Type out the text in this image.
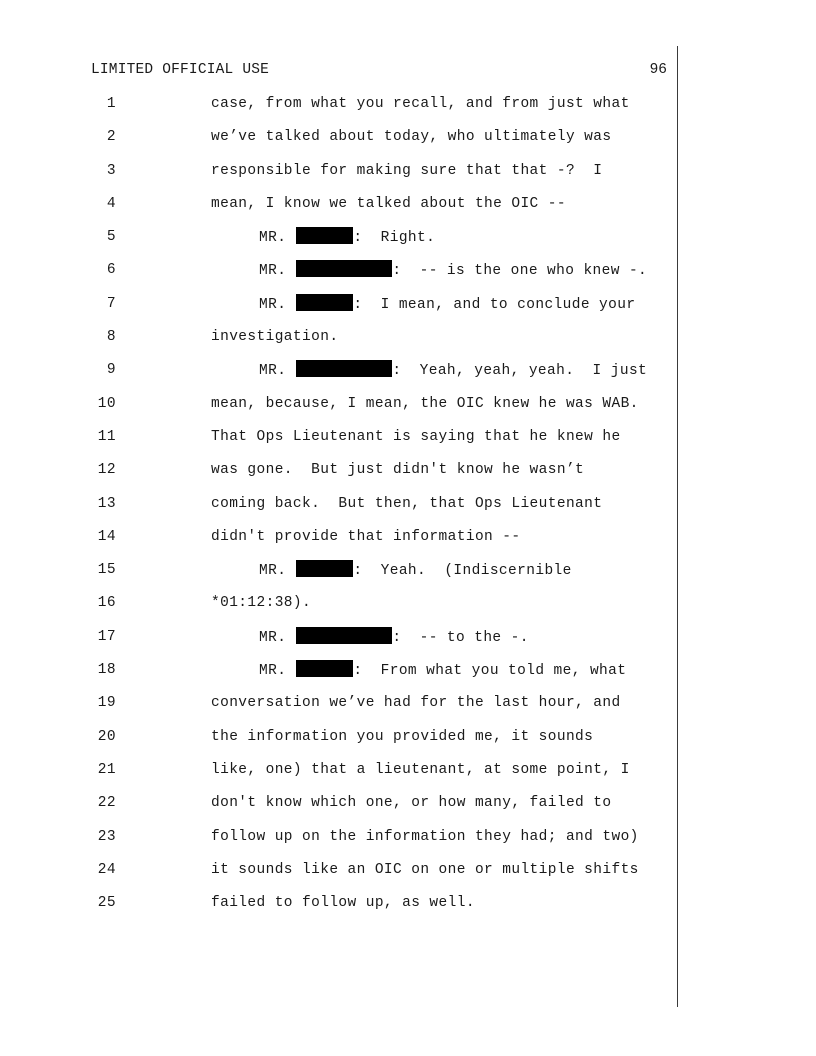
LIMITED OFFICIAL USE	96
1	case, from what you recall, and from just what
2	we’ve talked about today, who ultimately was
3	responsible for making sure that that -?  I
4	mean, I know we talked about the OIC --
5	MR.	:  Right.
6	MR.	:  -- is the one who knew -.
7	MR.	:  I mean, and to conclude your
8	investigation.
9	MR.	:  Yeah, yeah, yeah.  I just
10	mean, because, I mean, the OIC knew he was WAB.
11	That Ops Lieutenant is saying that he knew he
12	was gone.  But just didn't know he wasn’t
13	coming back.  But then, that Ops Lieutenant
14	didn't provide that information --
15	MR.	:  Yeah.  (Indiscernible
16	*01:12:38).
17	MR.	:  -- to the -.
18	MR.	:  From what you told me, what
19	conversation we’ve had for the last hour, and
20	the information you provided me, it sounds
21	like, one) that a lieutenant, at some point, I
22	don't know which one, or how many, failed to
23	follow up on the information they had; and two)
24	it sounds like an OIC on one or multiple shifts
25	failed to follow up, as well.
